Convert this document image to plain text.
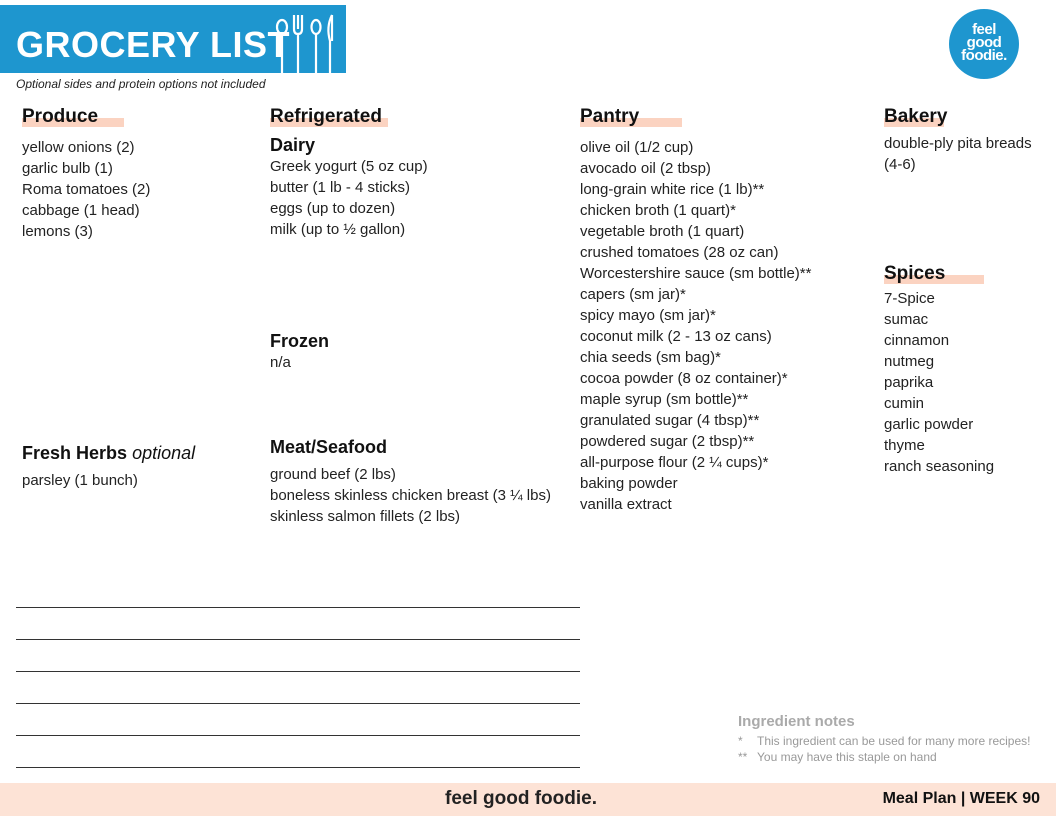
GROCERY LIST
Optional sides and protein options not included
feel
good
foodie.
Produce
yellow onions (2)
garlic bulb (1)
Roma tomatoes (2)
cabbage (1 head)
lemons (3)
Fresh Herbs optional
parsley (1 bunch)
Refrigerated
Dairy
Greek yogurt (5 oz cup)
butter (1 lb - 4 sticks)
eggs (up to dozen)
milk (up to ½ gallon)
Frozen
n/a
Meat/Seafood
ground beef (2 lbs)
boneless skinless chicken breast (3 ¼ lbs)
skinless salmon fillets (2 lbs)
Pantry
olive oil (1/2 cup)
avocado oil (2 tbsp)
long-grain white rice (1 lb)**
chicken broth (1 quart)*
vegetable broth (1 quart)
crushed tomatoes (28 oz can)
Worcestershire sauce (sm bottle)**
capers (sm jar)*
spicy mayo (sm jar)*
coconut milk (2 - 13 oz cans)
chia seeds (sm bag)*
cocoa powder (8 oz container)*
maple syrup (sm bottle)**
granulated sugar (4 tbsp)**
powdered sugar (2 tbsp)**
all-purpose flour (2 ¼ cups)*
baking powder
vanilla extract
Bakery
double-ply pita breads
(4-6)
Spices
7-Spice
sumac
cinnamon
nutmeg
paprika
cumin
garlic powder
thyme
ranch seasoning
Ingredient notes
* This ingredient can be used for many more recipes!
** You may have this staple on hand
feel good foodie.	Meal Plan | WEEK 90
